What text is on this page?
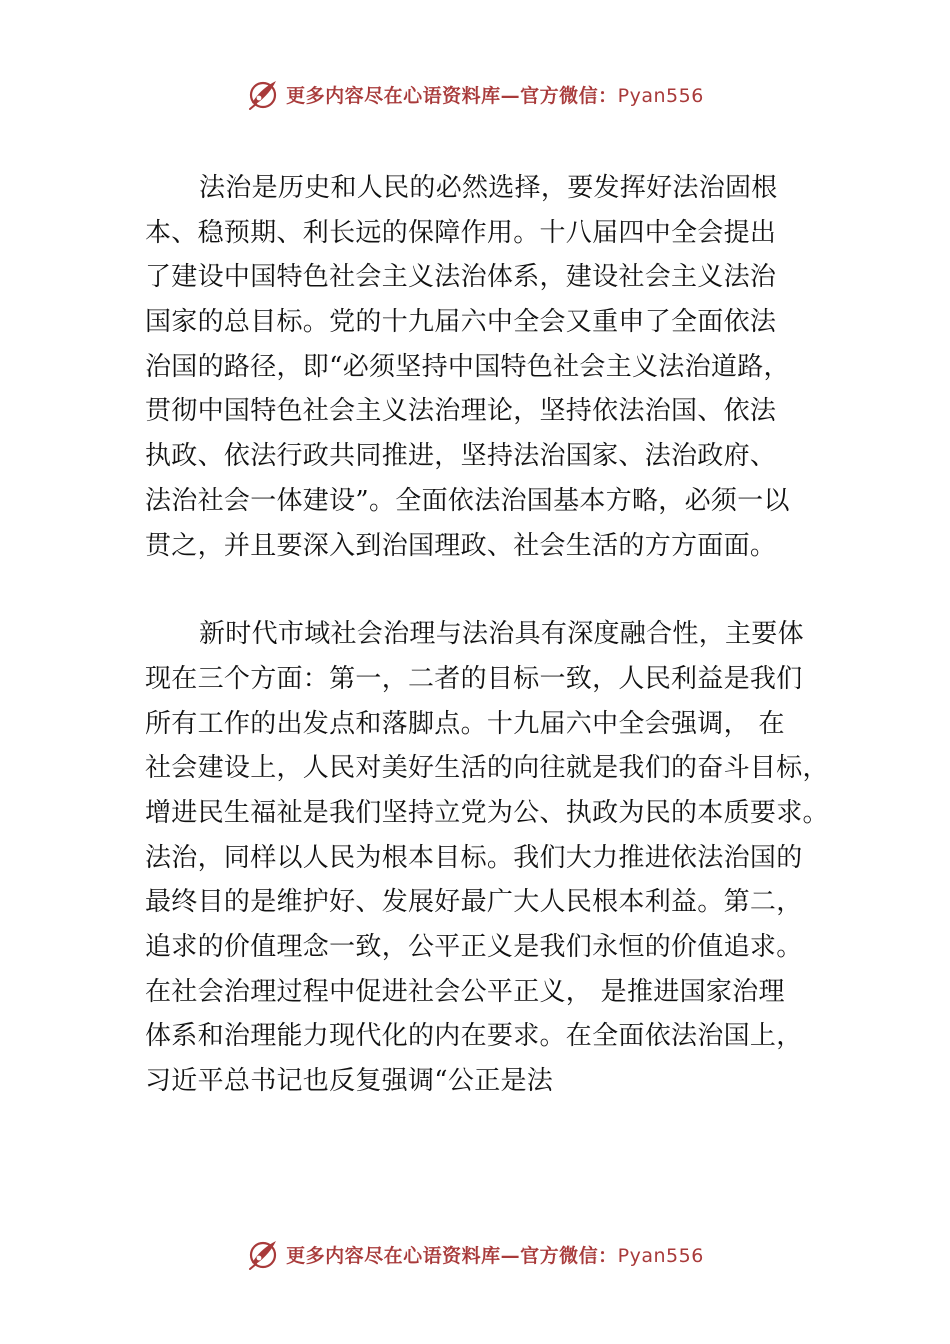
更多内容尽在心语资料库—官方微信：Pyan556
法治是历史和人民的必然选择，要发挥好法治固根
本、稳预期、利长远的保障作用。十八届四中全会提出
了建设中国特色社会主义法治体系，建设社会主义法治
国家的总目标。党的十九届六中全会又重申了全面依法
治国的路径，即“必须坚持中国特色社会主义法治道路，
贯彻中国特色社会主义法治理论，坚持依法治国、依法
执政、依法行政共同推进，坚持法治国家、法治政府、
法治社会一体建设”。全面依法治国基本方略，必须一以
贯之，并且要深入到治国理政、社会生活的方方面面。
新时代市域社会治理与法治具有深度融合性，主要体
现在三个方面：第一，二者的目标一致，人民利益是我们
所有工作的出发点和落脚点。十九届六中全会强调， 在
社会建设上，人民对美好生活的向往就是我们的奋斗目标，
增进民生福祉是我们坚持立党为公、执政为民的本质要求。
法治，同样以人民为根本目标。我们大力推进依法治国的
最终目的是维护好、发展好最广大人民根本利益。第二，
追求的价值理念一致，公平正义是我们永恒的价值追求。
在社会治理过程中促进社会公平正义， 是推进国家治理
体系和治理能力现代化的内在要求。在全面依法治国上，
习近平总书记也反复强调“公正是法
更多内容尽在心语资料库—官方微信：Pyan556
